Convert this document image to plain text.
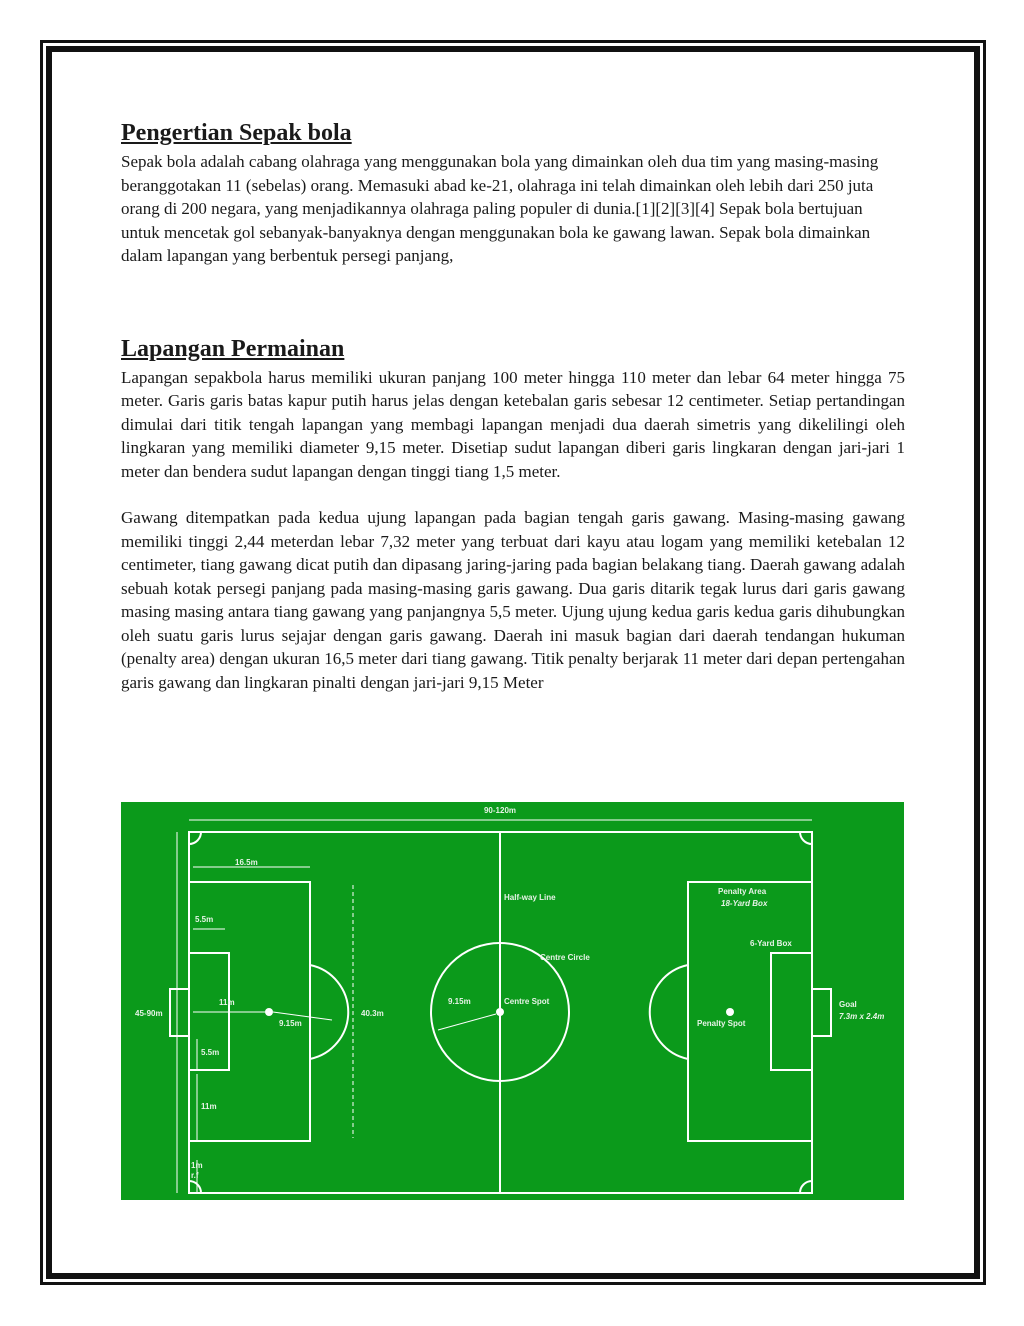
Pengertian Sepak bola

Sepak bola adalah cabang olahraga yang menggunakan bola yang dimainkan oleh dua tim yang masing-masing beranggotakan 11 (sebelas) orang. Memasuki abad ke-21, olahraga ini telah dimainkan oleh lebih dari 250 juta orang di 200 negara, yang menjadikannya olahraga paling populer di dunia.[1][2][3][4] Sepak bola bertujuan untuk mencetak gol sebanyak-banyaknya dengan menggunakan bola ke gawang lawan. Sepak bola dimainkan dalam lapangan yang berbentuk persegi panjang,

Lapangan Permainan

Lapangan sepakbola harus memiliki ukuran panjang 100 meter hingga 110 meter dan lebar 64 meter hingga 75 meter. Garis garis batas kapur putih harus jelas dengan ketebalan garis sebesar 12 centimeter. Setiap pertandingan dimulai dari titik tengah lapangan yang membagi lapangan menjadi dua daerah simetris yang dikelilingi oleh lingkaran yang memiliki diameter 9,15 meter. Disetiap sudut lapangan diberi garis lingkaran dengan jari-jari 1 meter dan bendera sudut lapangan dengan tinggi tiang 1,5 meter.

Gawang ditempatkan pada kedua ujung lapangan pada bagian tengah garis gawang. Masing-masing gawang memiliki tinggi 2,44 meterdan lebar 7,32 meter yang terbuat dari kayu atau logam yang memiliki ketebalan 12 centimeter, tiang gawang dicat putih dan dipasang jaring-jaring pada bagian belakang tiang. Daerah gawang adalah sebuah kotak persegi panjang pada masing-masing garis gawang. Dua garis ditarik tegak lurus dari garis gawang masing masing antara tiang gawang yang panjangnya 5,5 meter. Ujung ujung kedua garis kedua garis dihubungkan oleh suatu garis lurus sejajar dengan garis gawang. Daerah ini masuk bagian dari daerah tendangan hukuman (penalty area) dengan ukuran 16,5 meter dari tiang gawang. Titik penalty berjarak 11 meter dari depan pertengahan garis gawang dan lingkaran pinalti dengan jari-jari 9,15 Meter

90-120m
45-90m
16.5m
5.5m
11m
9.15m
5.5m
11m
1m
r.f
40.3m
Half-way Line
Centre Circle
9.15m	Centre Spot
Penalty Area
18-Yard Box
6-Yard Box
Penalty Spot
Goal
7.3m x 2.4m
